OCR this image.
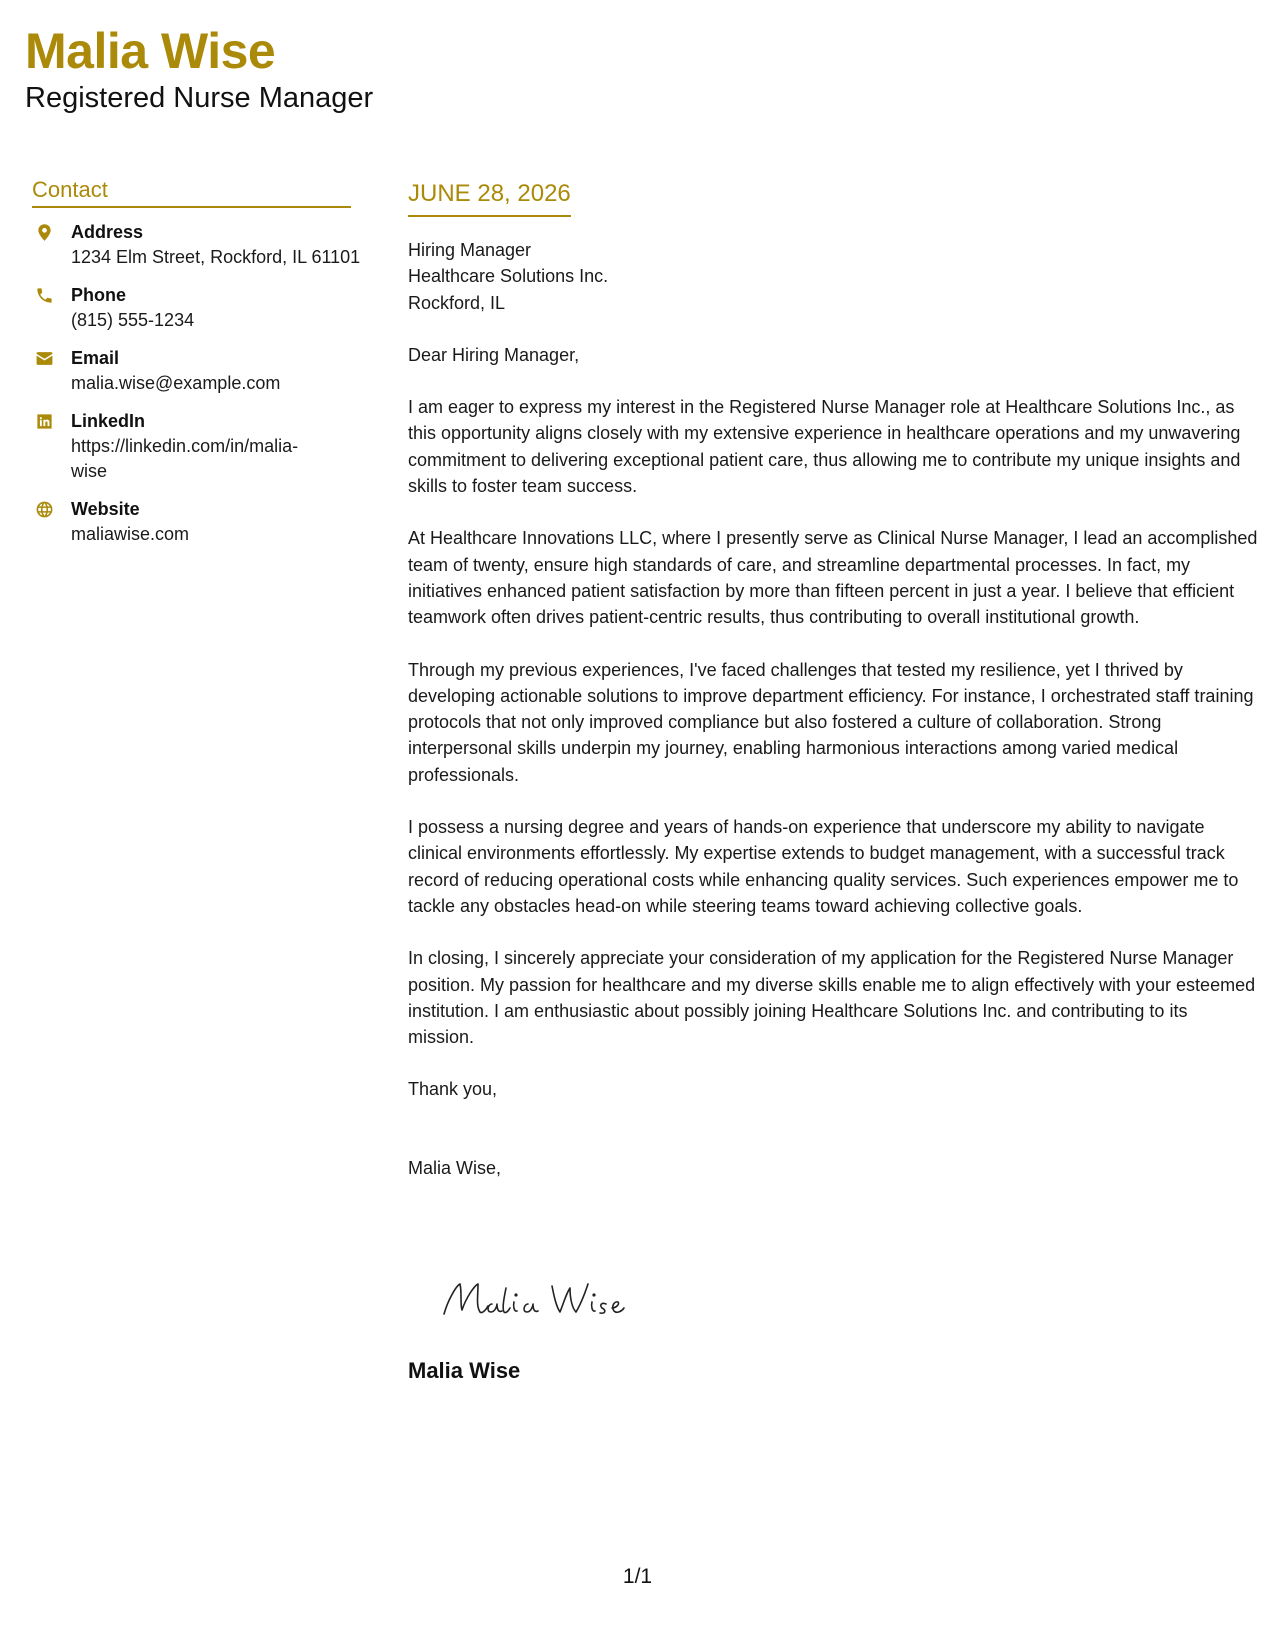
Malia Wise
Registered Nurse Manager
Contact
Address
1234 Elm Street, Rockford, IL 61101
Phone
(815) 555-1234
Email
malia.wise@example.com
LinkedIn
https://linkedin.com/in/malia-wise
Website
maliawise.com
JUNE 28, 2026

Hiring Manager
Healthcare Solutions Inc.
Rockford, IL

Dear Hiring Manager,

I am eager to express my interest in the Registered Nurse Manager role at Healthcare Solutions Inc., as this opportunity aligns closely with my extensive experience in healthcare operations and my unwavering commitment to delivering exceptional patient care, thus allowing me to contribute my unique insights and skills to foster team success.

At Healthcare Innovations LLC, where I presently serve as Clinical Nurse Manager, I lead an accomplished team of twenty, ensure high standards of care, and streamline departmental processes. In fact, my initiatives enhanced patient satisfaction by more than fifteen percent in just a year. I believe that efficient teamwork often drives patient-centric results, thus contributing to overall institutional growth.

Through my previous experiences, I've faced challenges that tested my resilience, yet I thrived by developing actionable solutions to improve department efficiency. For instance, I orchestrated staff training protocols that not only improved compliance but also fostered a culture of collaboration. Strong interpersonal skills underpin my journey, enabling harmonious interactions among varied medical professionals.

I possess a nursing degree and years of hands-on experience that underscore my ability to navigate clinical environments effortlessly. My expertise extends to budget management, with a successful track record of reducing operational costs while enhancing quality services. Such experiences empower me to tackle any obstacles head-on while steering teams toward achieving collective goals.

In closing, I sincerely appreciate your consideration of my application for the Registered Nurse Manager position. My passion for healthcare and my diverse skills enable me to align effectively with your esteemed institution. I am enthusiastic about possibly joining Healthcare Solutions Inc. and contributing to its mission.

Thank you,

Malia Wise,

Malia Wise
1/1
